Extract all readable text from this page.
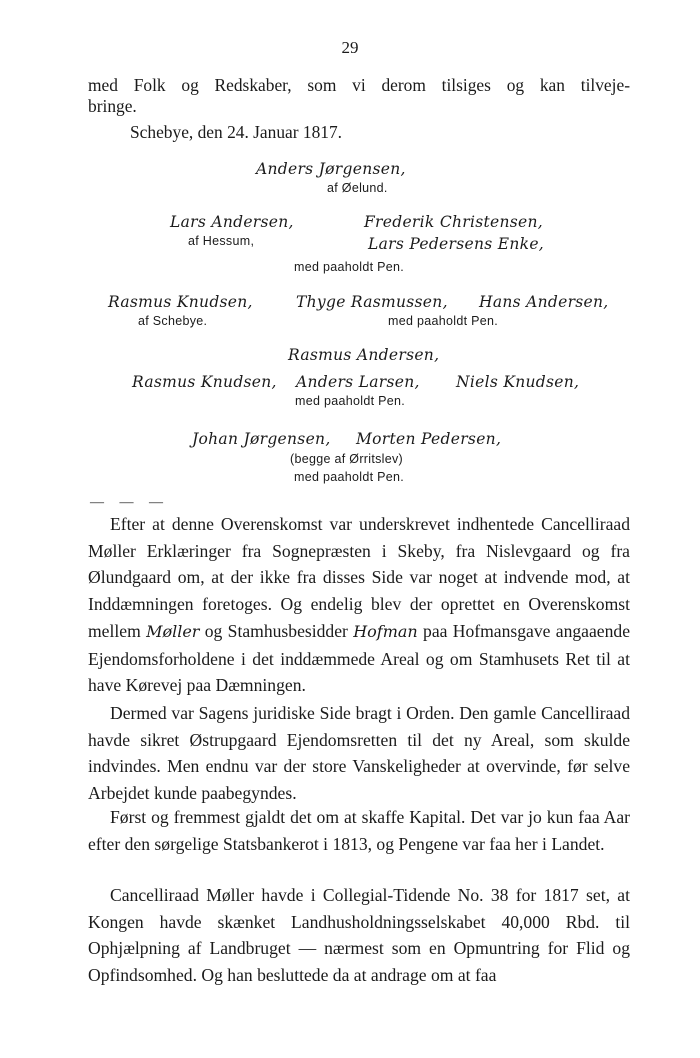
29
med Folk og Redskaber, som vi derom tilsiges og kan tilveje-
bringe.
Schebye, den 24. Januar 1817.
Anders Jørgensen,
af Øelund.
Lars Andersen,
af Hessum,
Frederik Christensen,
Lars Pedersens Enke,
med paaholdt Pen.
Rasmus Knudsen,
af Schebye.
Thyge Rasmussen, Hans Andersen,
med paaholdt Pen.
Rasmus Andersen,
Rasmus Knudsen, Anders Larsen, Niels Knudsen,
med paaholdt Pen.
Johan Jørgensen, Morten Pedersen,
(begge af Ørritslev)
med paaholdt Pen.
— — —
Efter at denne Overenskomst var underskrevet indhentede Cancelliraad Møller Erklæringer fra Sognepræsten i Skeby, fra Nislevgaard og fra Ølundgaard om, at der ikke fra disses Side var noget at indvende mod, at Inddæmningen foretoges. Og endelig blev der oprettet en Overenskomst mellem Møller og Stamhusbesidder Hofman paa Hofmansgave angaaende Ejendomsforholdene i det inddæmmede Areal og om Stamhusets Ret til at have Kørevej paa Dæmningen.
Dermed var Sagens juridiske Side bragt i Orden. Den gamle Cancelliraad havde sikret Østrupgaard Ejendomsretten til det ny Areal, som skulde indvindes. Men endnu var der store Vanskeligheder at overvinde, før selve Arbejdet kunde paabegyndes.
Først og fremmest gjaldt det om at skaffe Kapital. Det var jo kun faa Aar efter den sørgelige Statsbankerot i 1813, og Pengene var faa her i Landet.
Cancelliraad Møller havde i Collegial-Tidende No. 38 for 1817 set, at Kongen havde skænket Landhusholdningsselskabet 40,000 Rbd. til Ophjælpning af Landbruget — nærmest som en Opmuntring for Flid og Opfindsomhed. Og han besluttede da at andrage om at faa
